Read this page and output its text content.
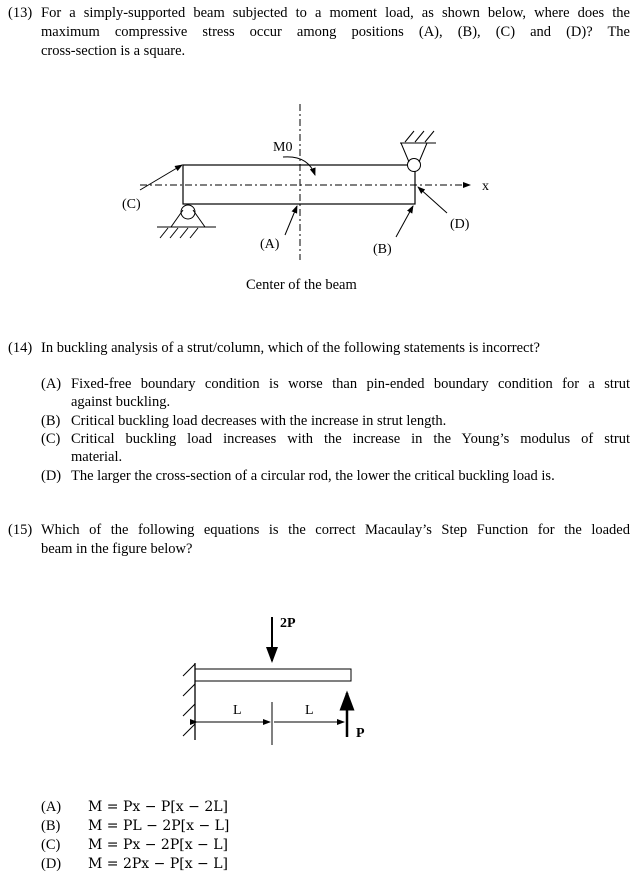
(13) For a simply-supported beam subjected to a moment load, as shown below, where does the
maximum compressive stress occur among positions (A), (B), (C) and (D)? The
cross-section is a square.
M0
x
(C)
(A)	(B)
(D)
2P
P
L	L
Center of the beam
(14) In buckling analysis of a strut/column, which of the following statements is incorrect?
(A) Fixed-free boundary condition is worse than pin-ended boundary condition for a strut
against buckling.
(B) Critical buckling load decreases with the increase in strut length.
(C) Critical buckling load increases with the increase in the Young’s modulus of strut
material.
(D) The larger the cross-section of a circular rod, the lower the critical buckling load is.
(15) Which of the following equations is the correct Macaulay’s Step Function for the loaded
beam in the figure below?
(A) M = Px − P[x − 2L]
(B) M = PL − 2P[x − L]
(C) M = Px − 2P[x − L]
(D) M = 2Px − P[x − L]
